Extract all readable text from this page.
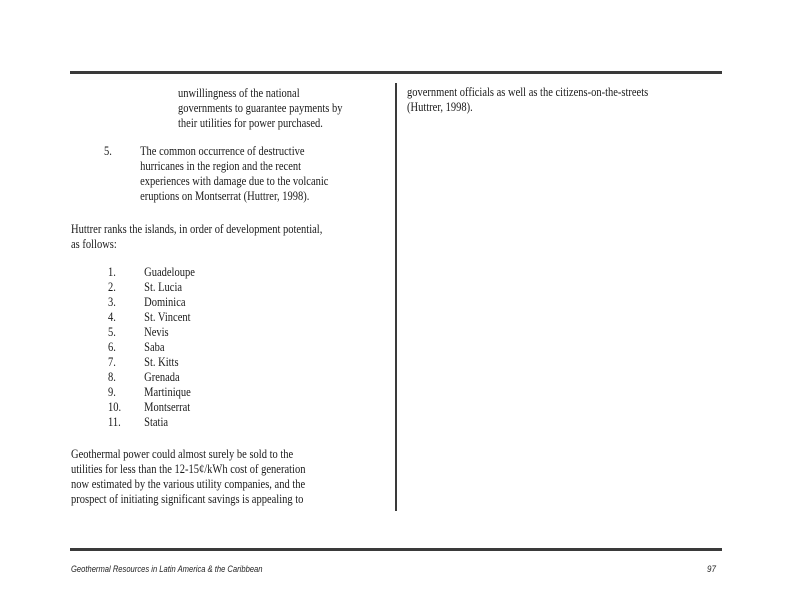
unwillingness of the national
governments to guarantee payments by
their utilities for power purchased.
5.	The common occurrence of destructive
hurricanes in the region and the recent
experiences with damage due to the volcanic
eruptions on Montserrat (Huttrer, 1998).
Huttrer ranks the islands, in order of development potential,
as follows:
1.	Guadeloupe
2.	St. Lucia
3.	Dominica
4.	St. Vincent
5.	Nevis
6.	Saba
7.	St. Kitts
8.	Grenada
9.	Martinique
10.	Montserrat
11.	Statia
Geothermal power could almost surely be sold to the
utilities for less than the 12-15¢/kWh cost of generation
now estimated by the various utility companies, and the
prospect of initiating significant savings is appealing to
government officials as well as the citizens-on-the-streets
(Huttrer, 1998).
Geothermal Resources in Latin America & the Caribbean	97
